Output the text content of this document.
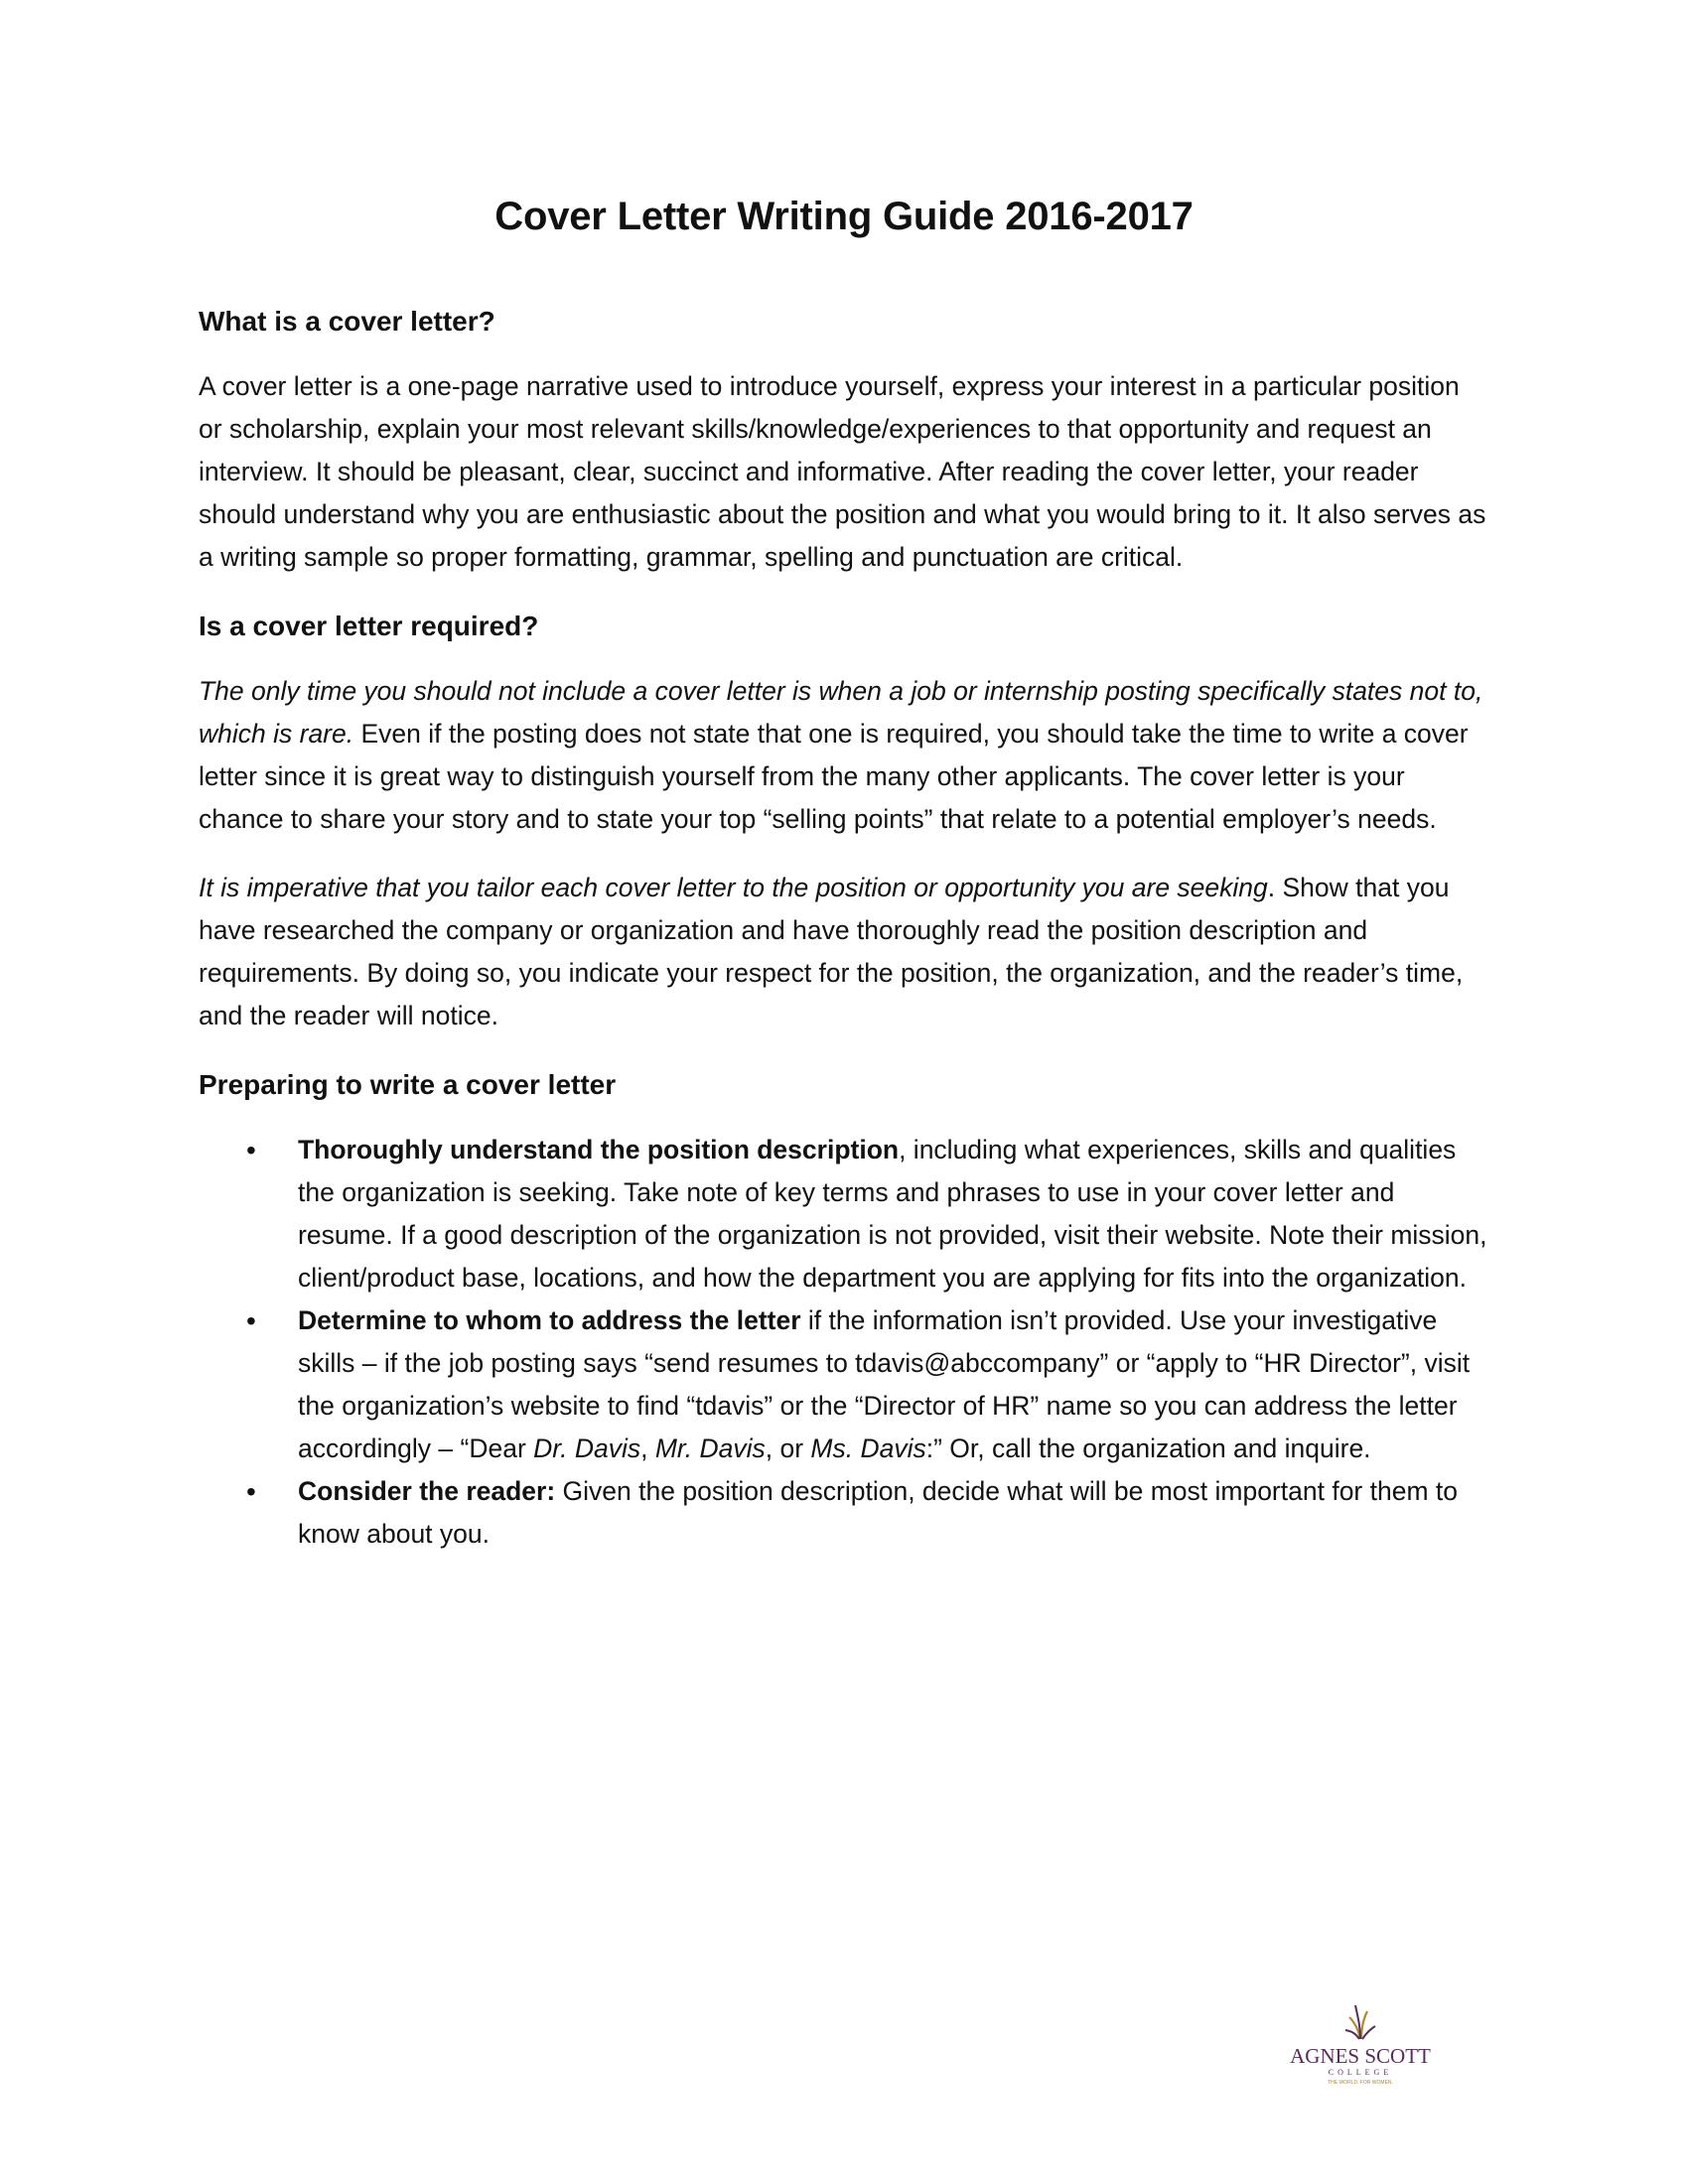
Cover Letter Writing Guide 2016-2017
What is a cover letter?

A cover letter is a one-page narrative used to introduce yourself, express your interest in a particular position or scholarship, explain your most relevant skills/knowledge/experiences to that opportunity and request an interview. It should be pleasant, clear, succinct and informative. After reading the cover letter, your reader should understand why you are enthusiastic about the position and what you would bring to it. It also serves as a writing sample so proper formatting, grammar, spelling and punctuation are critical.

Is a cover letter required?

The only time you should not include a cover letter is when a job or internship posting specifically states not to, which is rare. Even if the posting does not state that one is required, you should take the time to write a cover letter since it is great way to distinguish yourself from the many other applicants. The cover letter is your chance to share your story and to state your top “selling points” that relate to a potential employer’s needs.

It is imperative that you tailor each cover letter to the position or opportunity you are seeking. Show that you have researched the company or organization and have thoroughly read the position description and requirements. By doing so, you indicate your respect for the position, the organization, and the reader’s time, and the reader will notice.

Preparing to write a cover letter
• Thoroughly understand the position description, including what experiences, skills and qualities the organization is seeking. Take note of key terms and phrases to use in your cover letter and resume. If a good description of the organization is not provided, visit their website. Note their mission, client/product base, locations, and how the department you are applying for fits into the organization.
• Determine to whom to address the letter if the information isn’t provided. Use your investigative skills – if the job posting says “send resumes to tdavis@abccompany” or “apply to “HR Director”, visit the organization’s website to find “tdavis” or the “Director of HR” name so you can address the letter accordingly – “Dear Dr. Davis, Mr. Davis, or Ms. Davis:” Or, call the organization and inquire.
• Consider the reader: Given the position description, decide what will be most important for them to know about you.
AGNES SCOTT
COLLEGE
THE WORLD. FOR WOMEN.
